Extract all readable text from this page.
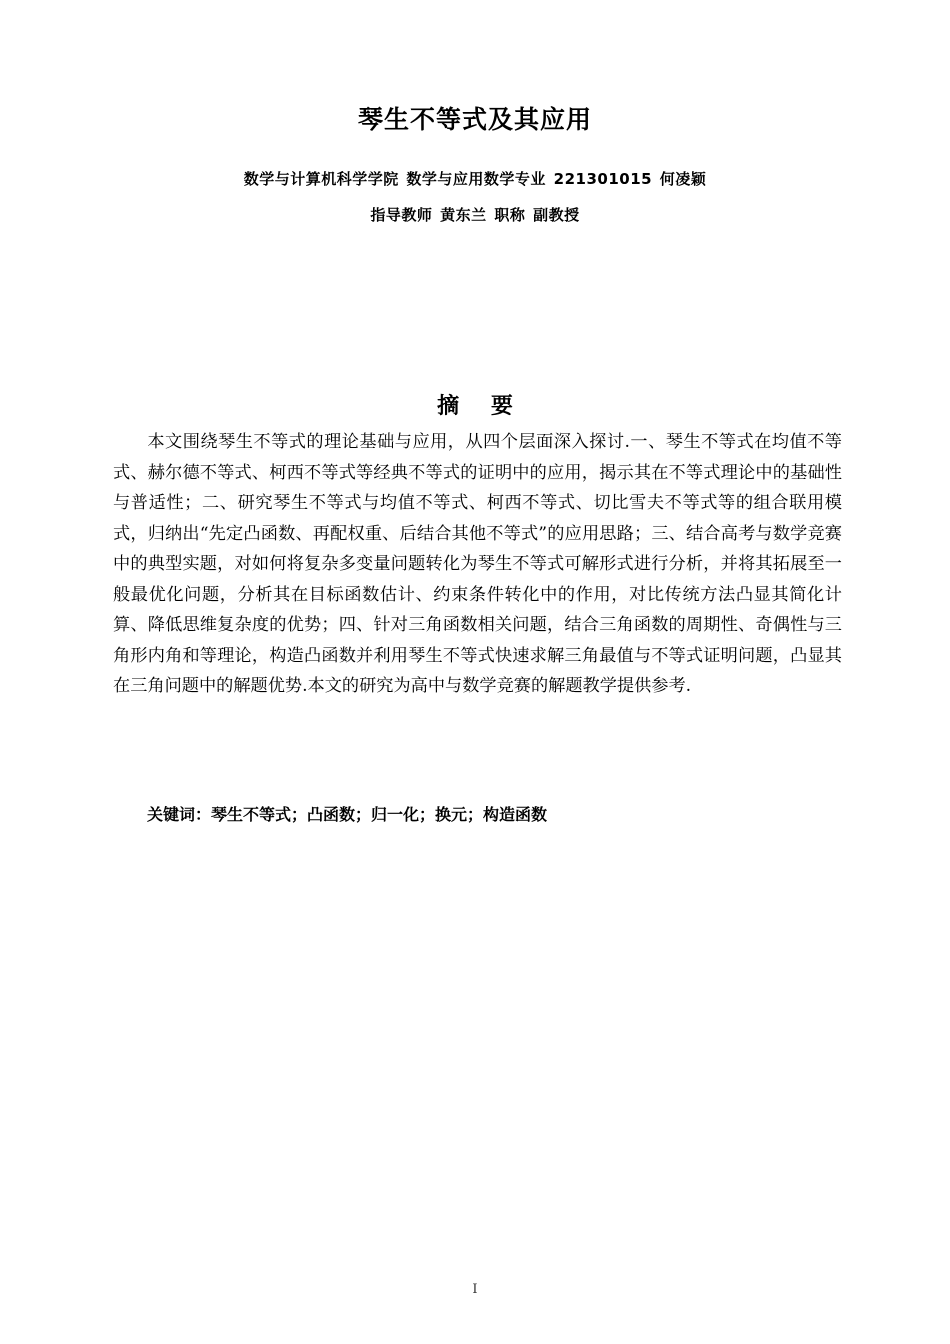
琴生不等式及其应用
数学与计算机科学学院 数学与应用数学专业 221301015 何凌颖
指导教师 黄东兰 职称 副教授
摘 要
本文围绕琴生不等式的理论基础与应用，从四个层面深入探讨.一、琴生不等式在均值不等式、赫尔德不等式、柯西不等式等经典不等式的证明中的应用，揭示其在不等式理论中的基础性与普适性；二、研究琴生不等式与均值不等式、柯西不等式、切比雪夫不等式等的组合联用模式，归纳出“先定凸函数、再配权重、后结合其他不等式”的应用思路；三、结合高考与数学竞赛中的典型实题，对如何将复杂多变量问题转化为琴生不等式可解形式进行分析，并将其拓展至一般最优化问题，分析其在目标函数估计、约束条件转化中的作用，对比传统方法凸显其简化计算、降低思维复杂度的优势；四、针对三角函数相关问题，结合三角函数的周期性、奇偶性与三角形内角和等理论，构造凸函数并利用琴生不等式快速求解三角最值与不等式证明问题，凸显其在三角问题中的解题优势.本文的研究为高中与数学竞赛的解题教学提供参考.
关键词：琴生不等式；凸函数；归一化；换元；构造函数
I
